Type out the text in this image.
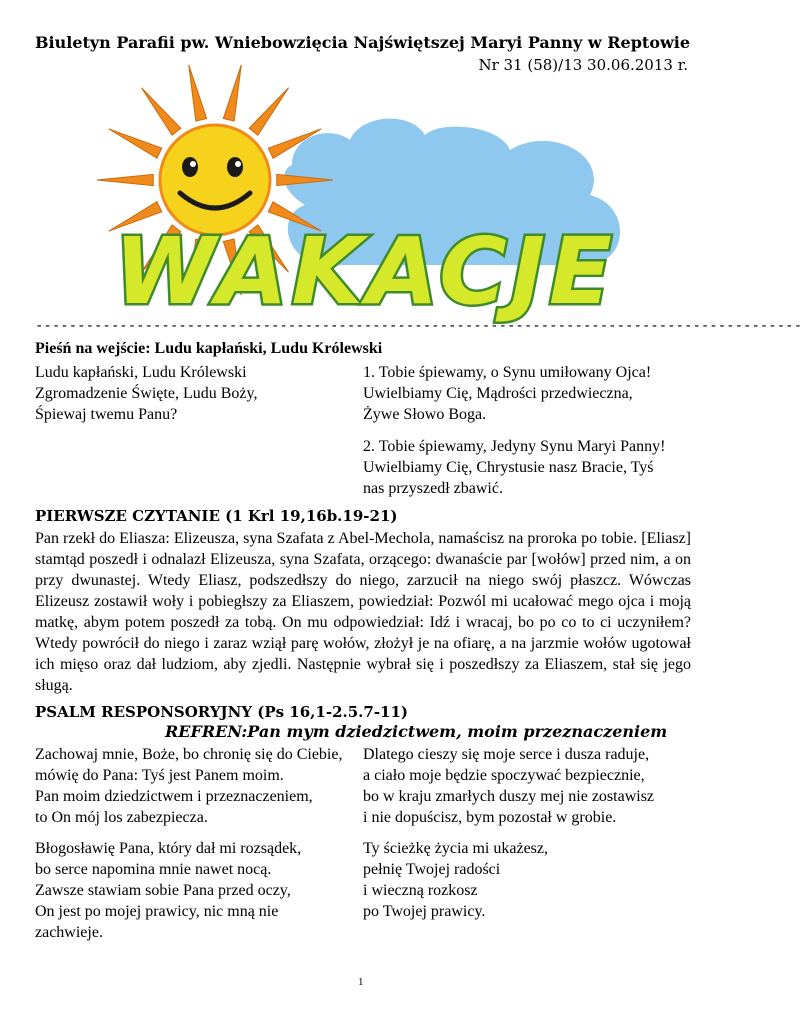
Biuletyn Parafii pw. Wniebowzięcia Najświętszej Maryi Panny w Reptowie
Nr 31 (58)/13 30.06.2013 r.
WAKACJE
-------------------------------------------------------------------------------------------
Pieśń na wejście: Ludu kapłański, Ludu Królewski
Ludu kapłański, Ludu Królewski
Zgromadzenie Święte, Ludu Boży,
Śpiewaj twemu Panu?
1. Tobie śpiewamy, o Synu umiłowany Ojca!
Uwielbiamy Cię, Mądrości przedwieczna,
Żywe Słowo Boga.
2. Tobie śpiewamy, Jedyny Synu Maryi Panny!
Uwielbiamy Cię, Chrystusie nasz Bracie, Tyś
nas przyszedł zbawić.
PIERWSZE CZYTANIE (1 Krl 19,16b.19-21)
Pan rzekł do Eliasza: Elizeusza, syna Szafata z Abel-Mechola, namaścisz na proroka po tobie. [Eliasz] stamtąd poszedł i odnalazł Elizeusza, syna Szafata, orzącego: dwanaście par [wołów] przed nim, a on przy dwunastej. Wtedy Eliasz, podszedłszy do niego, zarzucił na niego swój płaszcz. Wówczas Elizeusz zostawił woły i pobiegłszy za Eliaszem, powiedział: Pozwól mi ucałować mego ojca i moją matkę, abym potem poszedł za tobą. On mu odpowiedział: Idź i wracaj, bo po co to ci uczyniłem? Wtedy powrócił do niego i zaraz wziął parę wołów, złożył je na ofiarę, a na jarzmie wołów ugotował ich mięso oraz dał ludziom, aby zjedli. Następnie wybrał się i poszedłszy za Eliaszem, stał się jego sługą.
PSALM RESPONSORYJNY (Ps 16,1-2.5.7-11)
REFREN:Pan mym dziedzictwem, moim przeznaczeniem
Zachowaj mnie, Boże, bo chronię się do Ciebie,
mówię do Pana: Tyś jest Panem moim.
Pan moim dziedzictwem i przeznaczeniem,
to On mój los zabezpiecza.
Błogosławię Pana, który dał mi rozsądek,
bo serce napomina mnie nawet nocą.
Zawsze stawiam sobie Pana przed oczy,
On jest po mojej prawicy, nic mną nie
zachwieje.
Dlatego cieszy się moje serce i dusza raduje,
a ciało moje będzie spoczywać bezpiecznie,
bo w kraju zmarłych duszy mej nie zostawisz
i nie dopuścisz, bym pozostał w grobie.
Ty ścieżkę życia mi ukażesz,
pełnię Twojej radości
i wieczną rozkosz
po Twojej prawicy.
1
